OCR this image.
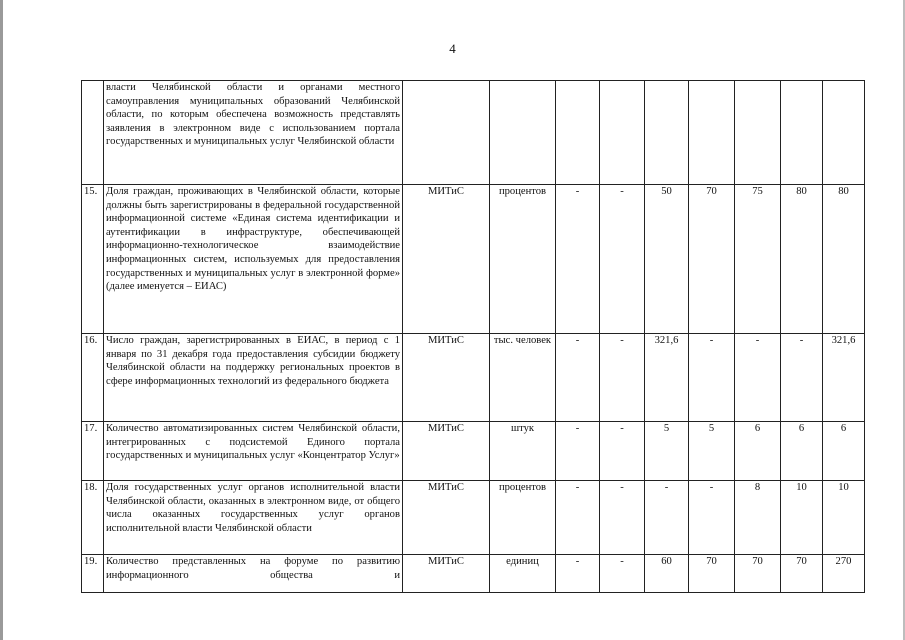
4
	власти Челябинской области и органами местного самоуправления муниципальных образований Челябинской области, по которым обеспечена возможность представлять заявления в электронном виде с использованием портала государственных и муниципальных услуг Челябинской области									
15.	Доля граждан, проживающих в Челябинской области, которые должны быть зарегистрированы в федеральной государственной информационной системе «Единая система идентификации и аутентификации в инфраструктуре, обеспечивающей информационно-технологическое взаимодействие информационных систем, используемых для предоставления государственных и муниципальных услуг в электронной форме» (далее именуется – ЕИАС)	МИТиС	процентов	-	-	50	70	75	80	80
16.	Число граждан, зарегистрированных в ЕИАС, в период с 1 января по 31 декабря года предоставления субсидии бюджету Челябинской области на поддержку региональных проектов в сфере информационных технологий из федерального бюджета	МИТиС	тыс. человек	-	-	321,6	-	-	-	321,6
17.	Количество автоматизированных систем Челябинской области, интегрированных с подсистемой Единого портала государственных и муниципальных услуг «Концентратор Услуг»	МИТиС	штук	-	-	5	5	6	6	6
18.	Доля государственных услуг органов исполнительной власти Челябинской области, оказанных в электронном виде, от общего числа оказанных государственных услуг органов исполнительной власти Челябинской области	МИТиС	процентов	-	-	-	-	8	10	10
19.	Количество представленных на форуме по развитию информационного общества и	МИТиС	единиц	-	-	60	70	70	70	270
